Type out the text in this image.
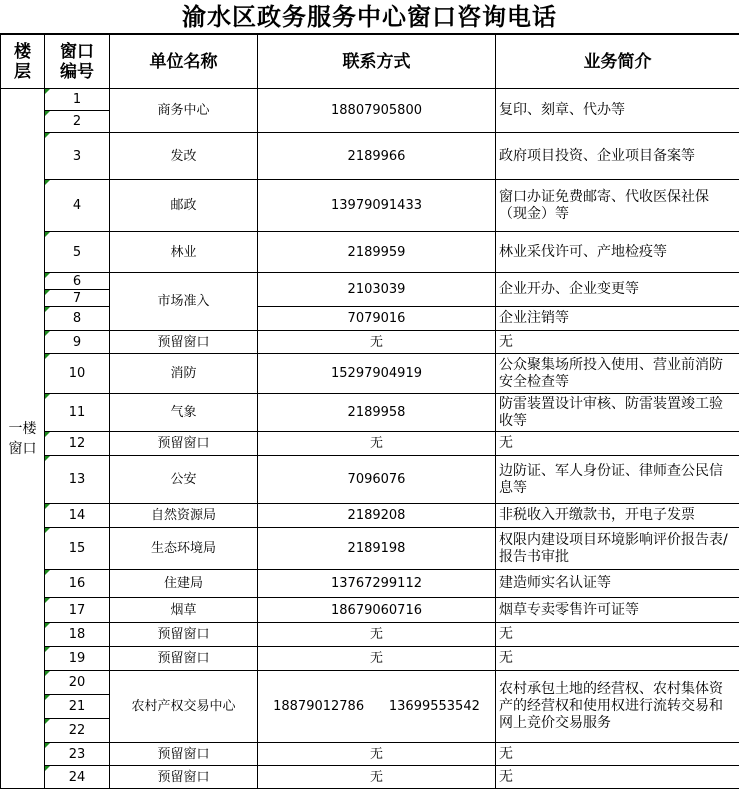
渝水区政务服务中心窗口咨询电话
楼
层	窗口
编号	单位名称	联系方式	业务简介
一楼
窗口	1	商务中心	18807905800	复印、刻章、代办等
	2			
	3	发改	2189966	政府项目投资、企业项目备案等
	4	邮政	13979091433	窗口办证免费邮寄、代收医保社保（现金）等
	5	林业	2189959	林业采伐许可、产地检疫等
	6	市场准入	2103039	企业开办、企业变更等
	7			
	8		7079016	企业注销等
	9	预留窗口	无	无
	10	消防	15297904919	公众聚集场所投入使用、营业前消防安全检查等
	11	气象	2189958	防雷装置设计审核、防雷装置竣工验收等
	12	预留窗口	无	无
	13	公安	7096076	边防证、军人身份证、律师查公民信息等
	14	自然资源局	2189208	非税收入开缴款书，开电子发票
	15	生态环境局	2189198	权限内建设项目环境影响评价报告表/报告书审批
	16	住建局	13767299112	建造师实名认证等
	17	烟草	18679060716	烟草专卖零售许可证等
	18	预留窗口	无	无
	19	预留窗口	无	无
	20	农村产权交易中心	18879012786      13699553542	农村承包土地的经营权、农村集体资产的经营权和使用权进行流转交易和网上竞价交易服务
	21			
	22			
	23	预留窗口	无	无
	24	预留窗口	无	无
